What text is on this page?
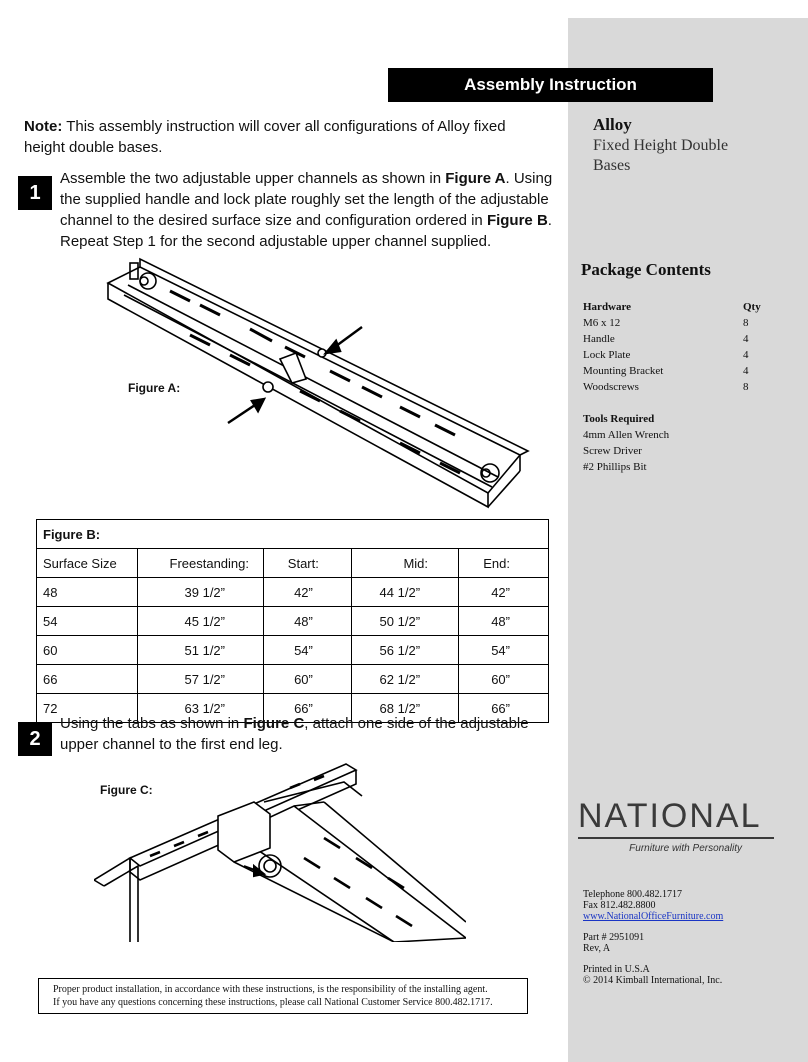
Assembly Instruction
Note: This assembly instruction will cover all configurations of Alloy fixed height double bases.
1
Assemble the two adjustable upper channels as shown in Figure A. Using the supplied handle and lock plate roughly set the length of the adjustable channel to the desired surface size and configuration ordered in Figure B. Repeat Step 1 for the second adjustable upper channel supplied.
Figure A:
Figure B:				
Surface Size	Freestanding:	Start:	Mid:	End:
48	39 1/2”	42”	44 1/2”	42”
54	45 1/2”	48”	50 1/2”	48”
60	51 1/2”	54”	56 1/2”	54”
66	57 1/2”	60”	62 1/2”	60”
72	63 1/2”	66”	68 1/2”	66”
2
Using the tabs as shown in Figure C, attach one side of the adjustable upper channel to the first end leg.
Figure C:
Alloy
Fixed Height Double
Bases
Package Contents
Hardware	Qty
M6 x 12	8
Handle	4
Lock Plate	4
Mounting Bracket	4
Woodscrews	8
Tools Required
4mm Allen Wrench
Screw Driver
#2 Phillips Bit
NATIONAL
Furniture with Personality
Telephone 800.482.1717
Fax 812.482.8800
www.NationalOfficeFurniture.com
Part # 2951091
Rev, A
Printed in U.S.A
© 2014 Kimball International, Inc.
Proper product installation, in accordance with these instructions, is the responsibility of the installing agent.
If you have any questions concerning these instructions, please call National Customer Service 800.482.1717.
